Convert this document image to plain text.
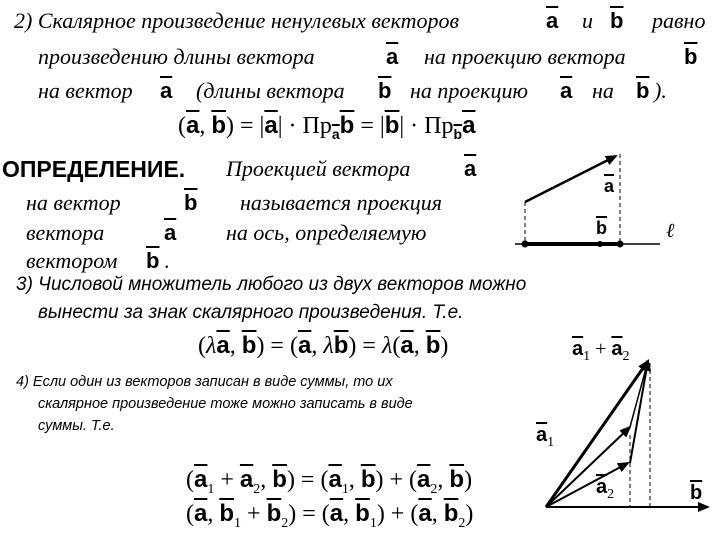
2) Скалярное произведение ненулевых векторов	$\overline{a}$ и $\overline{b}$ равно
произведению длины вектора	$\overline{a}$ на проекцию вектора	$\overline{b}$
на вектор $\overline{a}$ (длины вектора $\overline{b}$ на проекцию $\overline{a}$ на $\overline{b}$ ).
($\overline{a}$, $\overline{b}) = |\overline{a}| \cdot Пр_{\overline{a}}\overline{b} = |\overline{b}| \cdot Пр_{\overline{b}}\overline{a}$
ОПРЕДЕЛЕНИЕ. Проекцией вектора $\overline{a}$
на вектор	$\overline{b}$ называется проекция
вектора	$\overline{a}$ на ось, определяемую
вектором $\overline{b}$ .
$\overline{a}$
$\overline{b}$	ℓ
3) Числовой множитель любого из двух векторов можно
вынести за знак скалярного произведения. Т.е.
($\lambda\overline{a}$, $\overline{b}) = (\overline{a}$, $\lambda\overline{b}) = \lambda(\overline{a}$, $\overline{b}$)
4) Если один из векторов записан в виде суммы, то их
скалярное произведение тоже можно записать в виде
суммы. Т.е.
($\overline{a}_1 + \overline{a}_2$, $\overline{b}) = (\overline{a}_1$, $\overline{b}) + (\overline{a}_2$, $\overline{b}$)
($\overline{a}$, $\overline{b}_1 + \overline{b}_2) = (\overline{a}$, $\overline{b}_1) + (\overline{a}$, $\overline{b}_2$)
$\overline{a}_1 + \overline{a}_2$
$\overline{a}_1$
$\overline{a}_2$	$\overline{b}$
